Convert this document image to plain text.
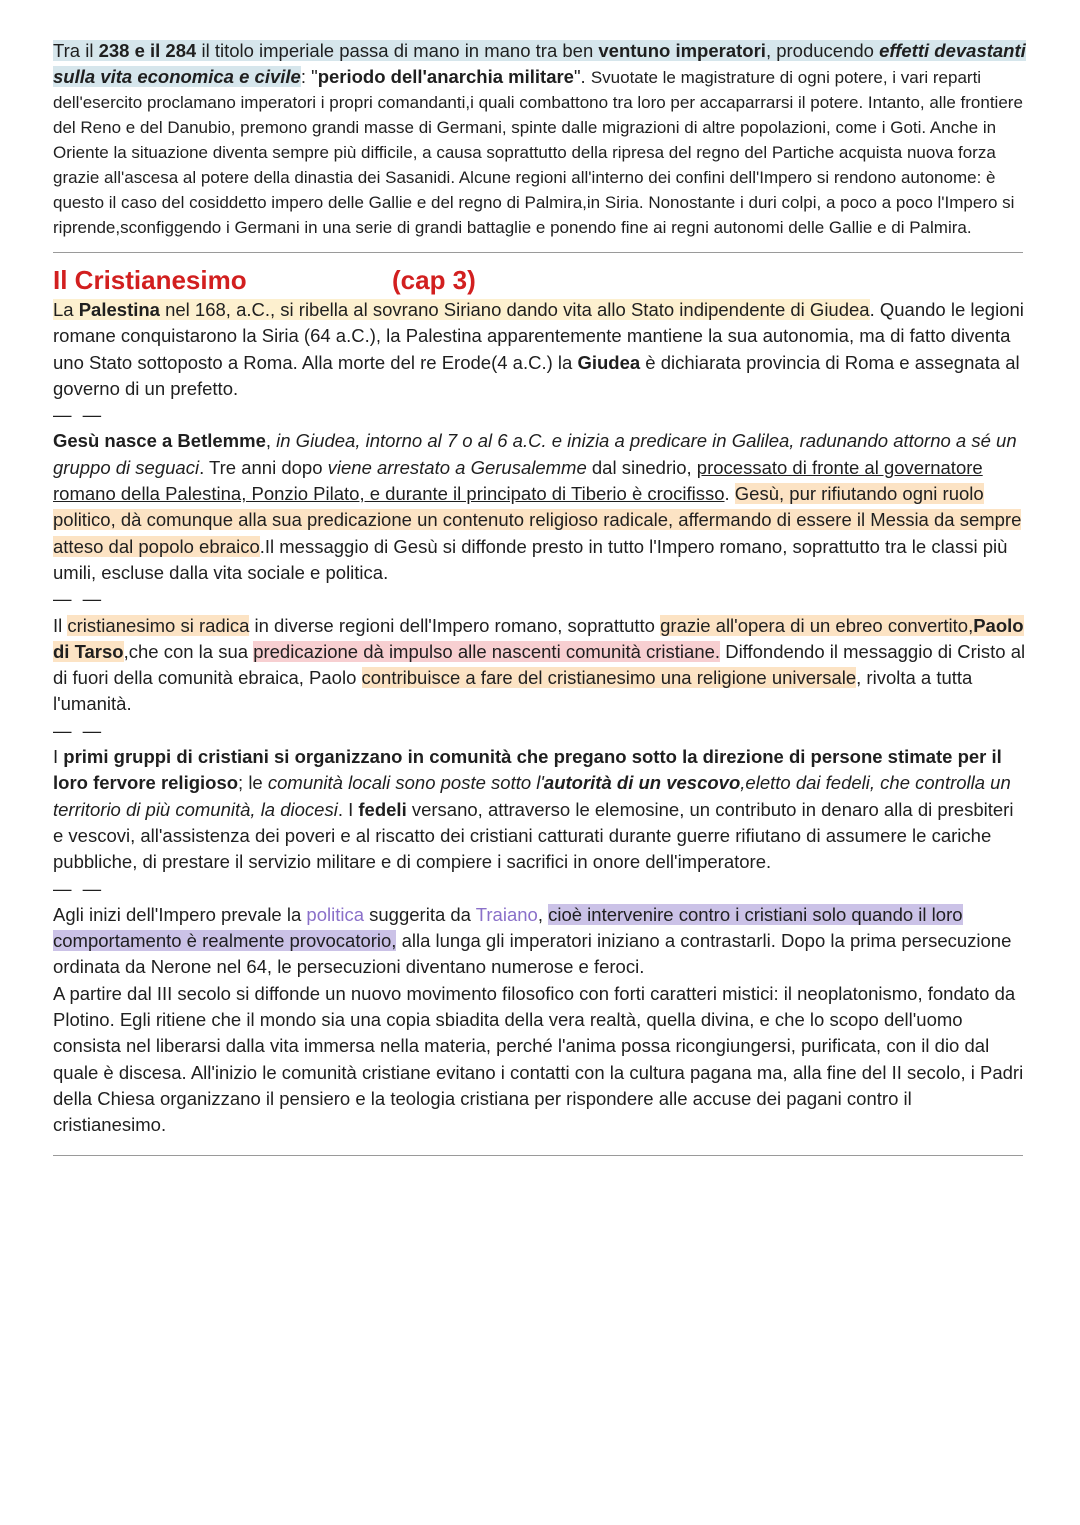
Tra il 238 e il 284 il titolo imperiale passa di mano in mano tra ben ventuno imperatori, producendo effetti devastanti sulla vita economica e civile: "periodo dell'anarchia militare". Svuotate le magistrature di ogni potere, i vari reparti dell'esercito proclamano imperatori i propri comandanti,i quali combattono tra loro per accaparrarsi il potere. Intanto, alle frontiere del Reno e del Danubio, premono grandi masse di Germani, spinte dalle migrazioni di altre popolazioni, come i Goti. Anche in Oriente la situazione diventa sempre più difficile, a causa soprattutto della ripresa del regno del Partiche acquista nuova forza grazie all'ascesa al potere della dinastia dei Sasanidi. Alcune regioni all'interno dei confini dell'Impero si rendono autonome: è questo il caso del cosiddetto impero delle Gallie e del regno di Palmira,in Siria. Nonostante i duri colpi, a poco a poco l'Impero si riprende,sconfiggendo i Germani in una serie di grandi battaglie e ponendo fine ai regni autonomi delle Gallie e di Palmira.

Il Cristianesimo	(cap 3)

La Palestina nel 168, a.C., si ribella al sovrano Siriano dando vita allo Stato indipendente di Giudea. Quando le legioni romane conquistarono la Siria (64 a.C.), la Palestina apparentemente mantiene la sua autonomia, ma di fatto diventa uno Stato sottoposto a Roma. Alla morte del re Erode(4 a.C.) la Giudea è dichiarata provincia di Roma e assegnata al governo di un prefetto.

— —

Gesù nasce a Betlemme, in Giudea, intorno al 7 o al 6 a.C. e inizia a predicare in Galilea, radunando attorno a sé un gruppo di seguaci. Tre anni dopo viene arrestato a Gerusalemme dal sinedrio, processato di fronte al governatore romano della Palestina, Ponzio Pilato, e durante il principato di Tiberio è crocifisso. Gesù, pur rifiutando ogni ruolo politico, dà comunque alla sua predicazione un contenuto religioso radicale, affermando di essere il Messia da sempre atteso dal popolo ebraico.Il messaggio di Gesù si diffonde presto in tutto l'Impero romano, soprattutto tra le classi più umili, escluse dalla vita sociale e politica.

— —

Il cristianesimo si radica in diverse regioni dell'Impero romano, soprattutto grazie all'opera di un ebreo convertito,Paolo di Tarso,che con la sua predicazione dà impulso alle nascenti comunità cristiane. Diffondendo il messaggio di Cristo al di fuori della comunità ebraica, Paolo contribuisce a fare del cristianesimo una religione universale, rivolta a tutta l'umanità.

— —

I primi gruppi di cristiani si organizzano in comunità che pregano sotto la direzione di persone stimate per il loro fervore religioso; le comunità locali sono poste sotto l'autorità di un vescovo,eletto dai fedeli, che controlla un territorio di più comunità, la diocesi. I fedeli versano, attraverso le elemosine, un contributo in denaro alla di presbiteri e vescovi, all'assistenza dei poveri e al riscatto dei cristiani catturati durante guerre rifiutano di assumere le cariche pubbliche, di prestare il servizio militare e di compiere i sacrifici in onore dell'imperatore.

— —

Agli inizi dell'Impero prevale la politica suggerita da Traiano, cioè intervenire contro i cristiani solo quando il loro comportamento è realmente provocatorio, alla lunga gli imperatori iniziano a contrastarli. Dopo la prima persecuzione ordinata da Nerone nel 64, le persecuzioni diventano numerose e feroci.

A partire dal III secolo si diffonde un nuovo movimento filosofico con forti caratteri mistici: il neoplatonismo, fondato da Plotino. Egli ritiene che il mondo sia una copia sbiadita della vera realtà, quella divina, e che lo scopo dell'uomo consista nel liberarsi dalla vita immersa nella materia, perché l'anima possa ricongiungersi, purificata, con il dio dal quale è discesa. All'inizio le comunità cristiane evitano i contatti con la cultura pagana ma, alla fine del II secolo, i Padri della Chiesa organizzano il pensiero e la teologia cristiana per rispondere alle accuse dei pagani contro il cristianesimo.
